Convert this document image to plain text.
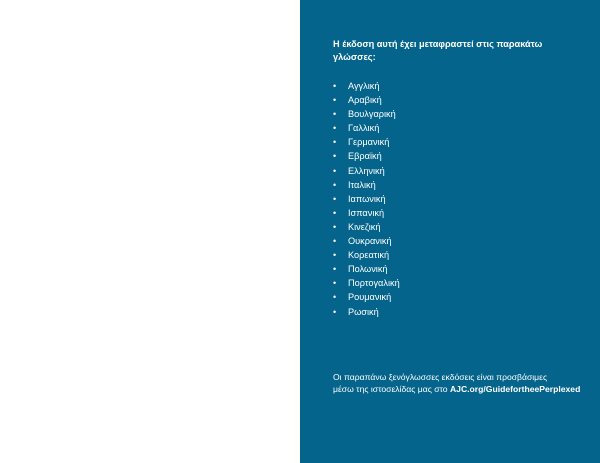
Η έκδοση αυτή έχει μεταφραστεί στις παρακάτω
γλώσσες:

•	Αγγλική
•	Αραβική
•	Βουλγαρική
•	Γαλλική
•	Γερμανική
•	Εβραϊκή
•	Ελληνική
•	Ιταλική
•	Ιαπωνική
•	Ισπανική
•	Κινεζική
•	Ουκρανική
•	Κορεατική
•	Πολωνική
•	Πορτογαλική
•	Ρουμανική
•	Ρωσική

Οι παραπάνω ξενόγλωσσες εκδόσεις είναι προσβάσιμες
μέσω της ιστοσελίδας μας στο AJC.org/GuidefortheePerplexed
